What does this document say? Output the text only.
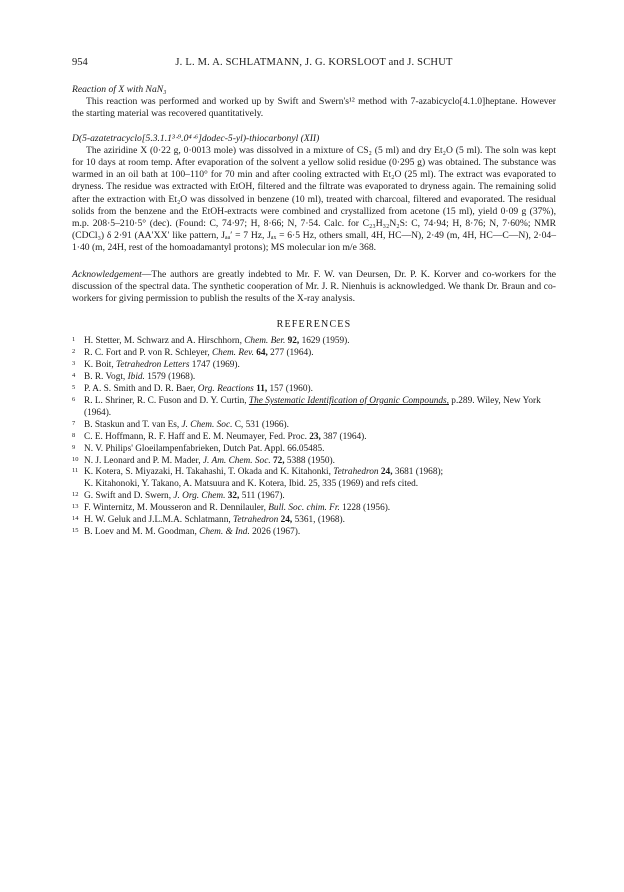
954	J. L. M. A. SCHLATMANN, J. G. KORSLOOT and J. SCHUT

Reaction of X with NaN₃

This reaction was performed and worked up by Swift and Swern's¹² method with 7-azabicyclo[4.1.0]heptane. However the starting material was recovered quantitatively.

D(5-azatetracyclo[5.3.1.1³‧⁹.0⁴‧⁶]dodec-5-yl)-thiocarbonyl (XII)

The aziridine X (0·22 g, 0·0013 mole) was dissolved in a mixture of CS₂ (5 ml) and dry Et₂O (5 ml). The soln was kept for 10 days at room temp. After evaporation of the solvent a yellow solid residue (0·295 g) was obtained. The substance was warmed in an oil bath at 100–110° for 70 min and after cooling extracted with Et₂O (25 ml). The extract was evaporated to dryness. The residue was extracted with EtOH, filtered and the filtrate was evaporated to dryness again. The remaining solid after the extraction with Et₂O was dissolved in benzene (10 ml), treated with charcoal, filtered and evaporated. The residual solids from the benzene and the EtOH-extracts were combined and crystallized from acetone (15 ml), yield 0·09 g (37%), m.p. 208·5–210·5° (dec). (Found: C, 74·97; H, 8·66; N, 7·54. Calc. for C₂₃H₃₂N₂S: C, 74·94; H, 8·76; N, 7·60%; NMR (CDCl₃) δ 2·91 (AA′XX′ like pattern, Jₐₐ′ = 7 Hz, Jₐₓ = 6·5 Hz, others small, 4H, HC—N), 2·49 (m, 4H, HC—C—N), 2·04–1·40 (m, 24H, rest of the homoadamantyl protons); MS molecular ion m/e 368.

Acknowledgement—The authors are greatly indebted to Mr. F. W. van Deursen, Dr. P. K. Korver and co-workers for the discussion of the spectral data. The synthetic cooperation of Mr. J. R. Nienhuis is acknowledged. We thank Dr. Braun and co-workers for giving permission to publish the results of the X-ray analysis.

REFERENCES
1 H. Stetter, M. Schwarz and A. Hirschhorn, Chem. Ber. 92, 1629 (1959).
2 R. C. Fort and P. von R. Schleyer, Chem. Rev. 64, 277 (1964).
3 K. Boit, Tetrahedron Letters 1747 (1969).
4 B. R. Vogt, Ibid. 1579 (1968).
5 P. A. S. Smith and D. R. Baer, Org. Reactions 11, 157 (1960).
6 R. L. Shriner, R. C. Fuson and D. Y. Curtin, The Systematic Identification of Organic Compounds, p.289. Wiley, New York (1964).
7 B. Staskun and T. van Es, J. Chem. Soc. C, 531 (1966).
8 C. E. Hoffmann, R. F. Haff and E. M. Neumayer, Fed. Proc. 23, 387 (1964).
9 N. V. Philips' Gloeilampenfabrieken, Dutch Pat. Appl. 66.05485.
10 N. J. Leonard and P. M. Mader, J. Am. Chem. Soc. 72, 5388 (1950).
11 K. Kotera, S. Miyazaki, H. Takahashi, T. Okada and K. Kitahonki, Tetrahedron 24, 3681 (1968);
K. Kitahonoki, Y. Takano, A. Matsuura and K. Kotera, Ibid. 25, 335 (1969) and refs cited.
12 G. Swift and D. Swern, J. Org. Chem. 32, 511 (1967).
13 F. Winternitz, M. Mousseron and R. Dennilauler, Bull. Soc. chim. Fr. 1228 (1956).
14 H. W. Geluk and J.L.M.A. Schlatmann, Tetrahedron 24, 5361, (1968).
15 B. Loev and M. M. Goodman, Chem. & Ind. 2026 (1967).
